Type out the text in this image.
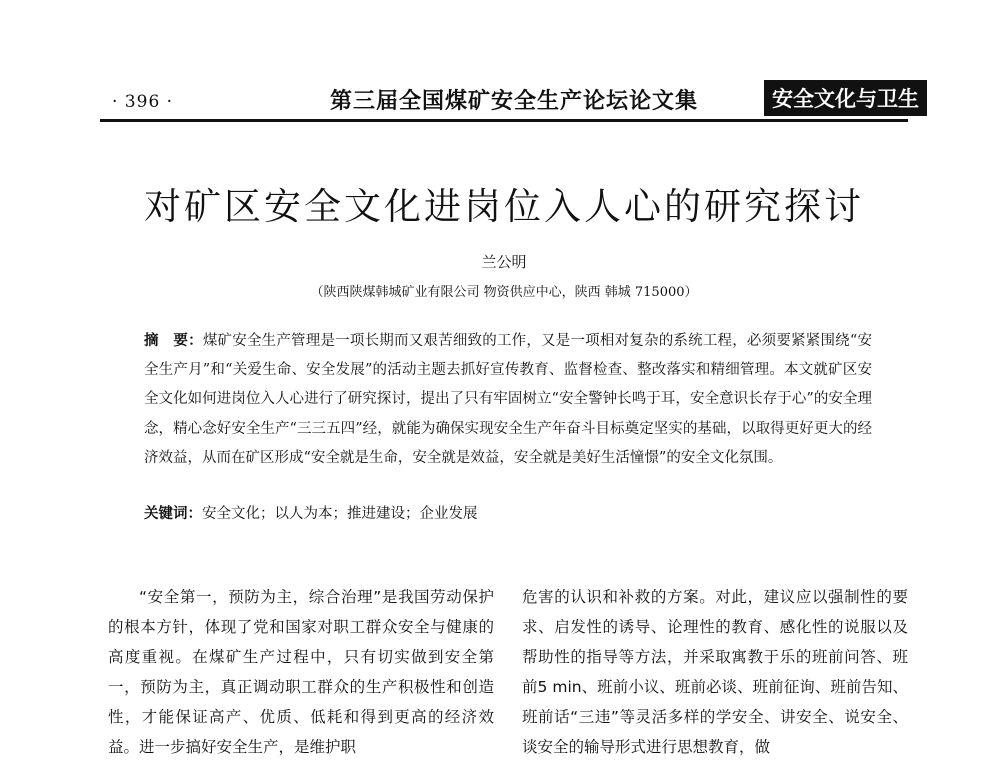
· 396 ·	第三届全国煤矿安全生产论坛论文集	安全文化与卫生
对矿区安全文化进岗位入人心的研究探讨
兰公明
（陕西陕煤韩城矿业有限公司 物资供应中心，陕西 韩城 715000）
摘　要：煤矿安全生产管理是一项长期而又艰苦细致的工作，又是一项相对复杂的系统工程，必须要紧紧围绕“安全生产月”和“关爱生命、安全发展”的活动主题去抓好宣传教育、监督检查、整改落实和精细管理。本文就矿区安全文化如何进岗位入人心进行了研究探讨，提出了只有牢固树立“安全警钟长鸣于耳，安全意识长存于心”的安全理念，精心念好安全生产“三三五四”经，就能为确保实现安全生产年奋斗目标奠定坚实的基础，以取得更好更大的经济效益，从而在矿区形成“安全就是生命，安全就是效益，安全就是美好生活憧憬”的安全文化氛围。
关键词：安全文化；以人为本；推进建设；企业发展
“安全第一，预防为主，综合治理”是我国劳动保护的根本方针，体现了党和国家对职工群众安全与健康的高度重视。在煤矿生产过程中，只有切实做到安全第一，预防为主，真正调动职工群众的生产积极性和创造性，才能保证高产、优质、低耗和得到更高的经济效益。进一步搞好安全生产，是维护职
危害的认识和补救的方案。对此，建议应以强制性的要求、启发性的诱导、论理性的教育、感化性的说服以及帮助性的指导等方法，并采取寓教于乐的班前问答、班前5 min、班前小议、班前必谈、班前征询、班前告知、班前话“三违”等灵活多样的学安全、讲安全、说安全、谈安全的输导形式进行思想教育，做
